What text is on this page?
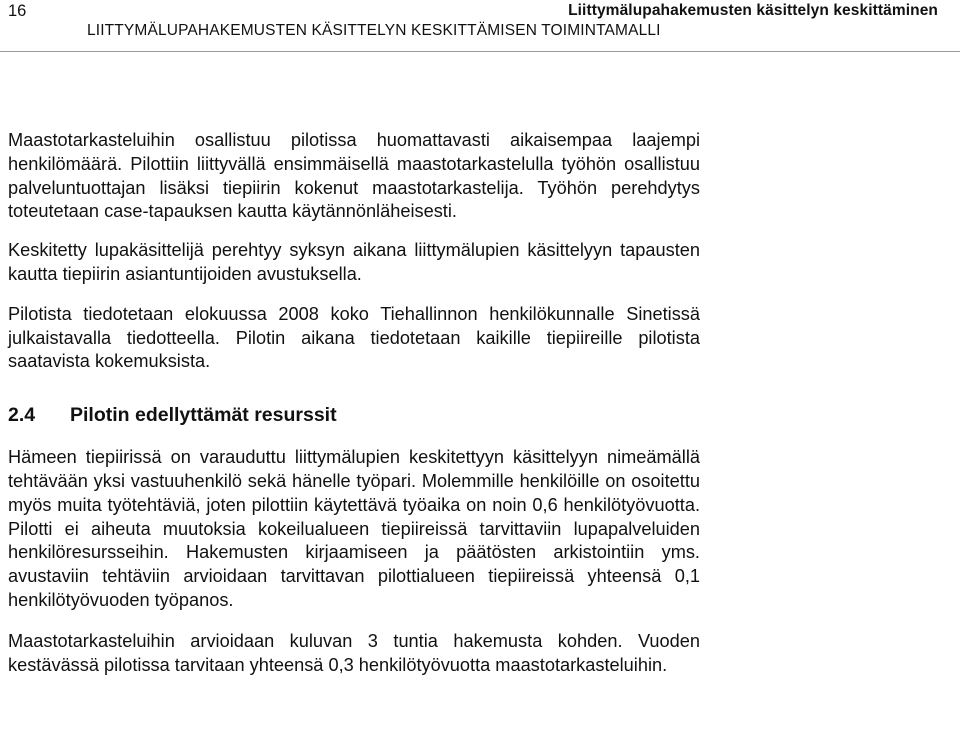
16	Liittymälupahakemusten käsittelyn keskittäminen
LIITTYMÄLUPAHAKEMUSTEN KÄSITTELYN KESKITTÄMISEN TOIMINTAMALLI

Maastotarkasteluihin osallistuu pilotissa huomattavasti aikaisempaa laajempi henkilömäärä. Pilottiin liittyvällä ensimmäisellä maastotarkastelulla työhön osallistuu palveluntuottajan lisäksi tiepiirin kokenut maastotarkastelija. Työhön perehdytys toteutetaan case-tapauksen kautta käytännönläheisesti.

Keskitetty lupakäsittelijä perehtyy syksyn aikana liittymälupien käsittelyyn tapausten kautta tiepiirin asiantuntijoiden avustuksella.

Pilotista tiedotetaan elokuussa 2008 koko Tiehallinnon henkilökunnalle Sinetissä julkaistavalla tiedotteella. Pilotin aikana tiedotetaan kaikille tiepiireille pilotista saatavista kokemuksista.

2.4 Pilotin edellyttämät resurssit

Hämeen tiepiirissä on varauduttu liittymälupien keskitettyyn käsittelyyn nimeämällä tehtävään yksi vastuuhenkilö sekä hänelle työpari. Molemmille henkilöille on osoitettu myös muita työtehtäviä, joten pilottiin käytettävä työaika on noin 0,6 henkilötyövuotta. Pilotti ei aiheuta muutoksia kokeilualueen tiepiireissä tarvittaviin lupapalveluiden henkilöresursseihin. Hakemusten kirjaamiseen ja päätösten arkistointiin yms. avustaviin tehtäviin arvioidaan tarvittavan pilottialueen tiepiireissä yhteensä 0,1 henkilötyövuoden työpanos.

Maastotarkasteluihin arvioidaan kuluvan 3 tuntia hakemusta kohden. Vuoden kestävässä pilotissa tarvitaan yhteensä 0,3 henkilötyövuotta maastotarkasteluihin.
